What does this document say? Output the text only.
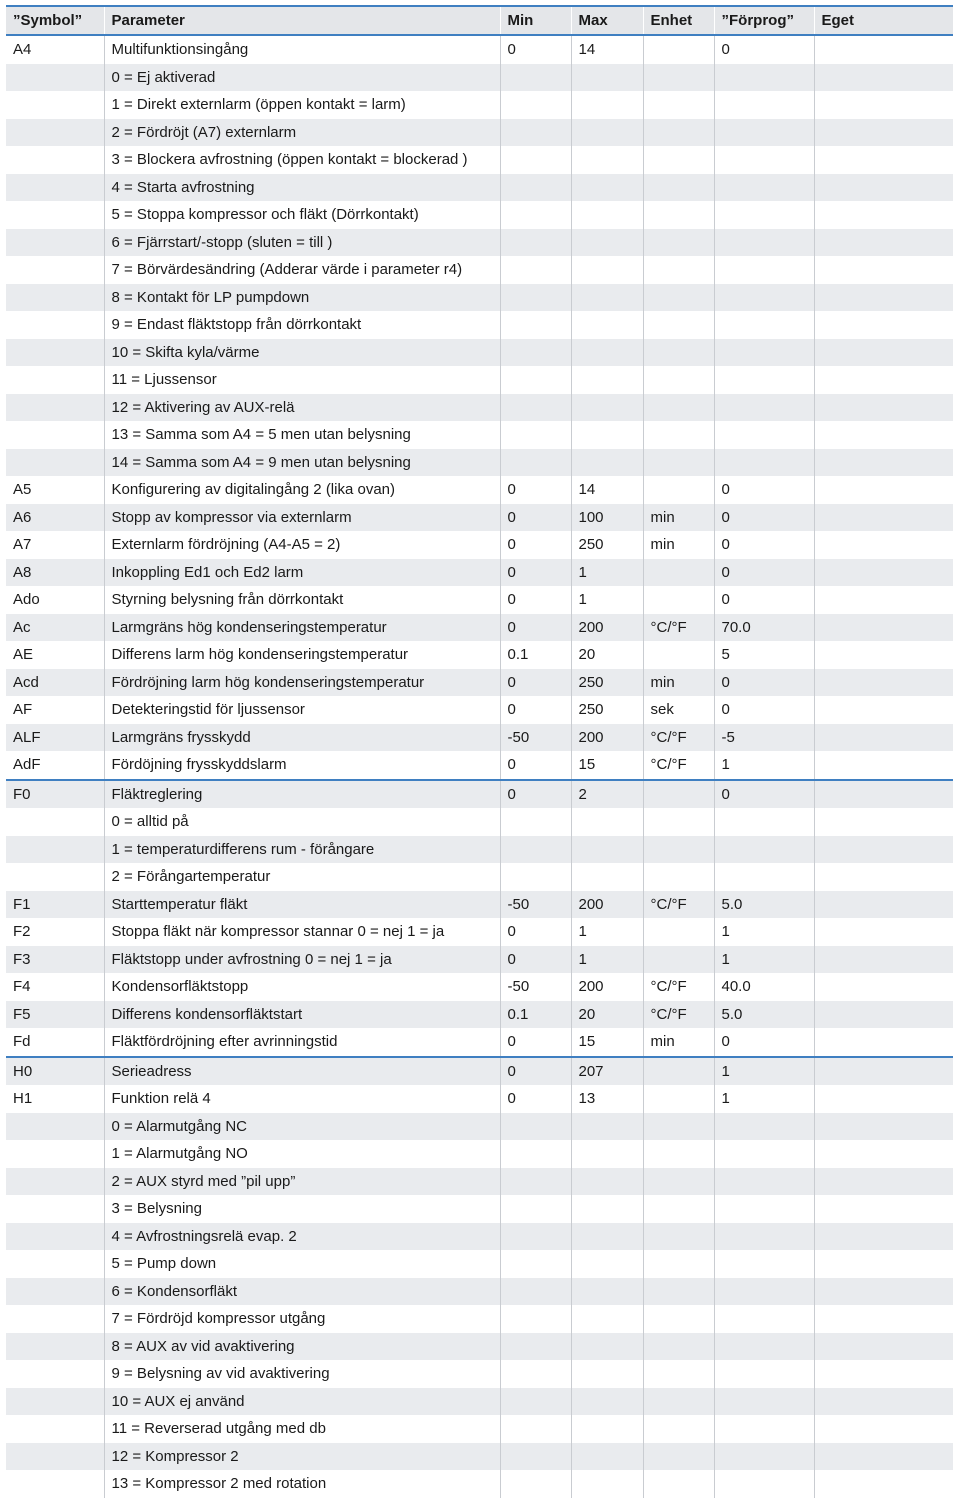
”Symbol”	Parameter	Min	Max	Enhet	”Förprog”	Eget
A4	Multifunktionsingång	0	14		0	
	0 = Ej aktiverad					
	1 = Direkt externlarm (öppen kontakt = larm)					
	2 = Fördröjt (A7) externlarm					
	3 = Blockera avfrostning (öppen kontakt = blockerad )					
	4 = Starta avfrostning					
	5 = Stoppa kompressor och fläkt (Dörrkontakt)					
	6 = Fjärrstart/-stopp (sluten = till )					
	7 = Börvärdesändring (Adderar värde i parameter r4)					
	8 = Kontakt för LP pumpdown					
	9 = Endast fläktstopp från dörrkontakt					
	10 = Skifta kyla/värme					
	11 = Ljussensor					
	12 = Aktivering av AUX-relä					
	13 = Samma som A4 = 5 men utan belysning					
	14 = Samma som A4 = 9 men utan belysning					
A5	Konfigurering av digitalingång 2 (lika ovan)	0	14		0	
A6	Stopp av kompressor via externlarm	0	100	min	0	
A7	Externlarm fördröjning (A4-A5 = 2)	0	250	min	0	
A8	Inkoppling Ed1 och Ed2 larm	0	1		0	
Ado	Styrning belysning från dörrkontakt	0	1		0	
Ac	Larmgräns hög kondenseringstemperatur	0	200	°C/°F	70.0	
AE	Differens larm hög kondenseringstemperatur	0.1	20		5	
Acd	Fördröjning larm hög kondenseringstemperatur	0	250	min	0	
AF	Detekteringstid för ljussensor	0	250	sek	0	
ALF	Larmgräns frysskydd	-50	200	°C/°F	-5	
AdF	Fördöjning frysskyddslarm	0	15	°C/°F	1	
F0	Fläktreglering	0	2		0	
	0 = alltid på					
	1 = temperaturdifferens rum - förångare					
	2 = Förångartemperatur					
F1	Starttemperatur fläkt	-50	200	°C/°F	5.0	
F2	Stoppa fläkt när kompressor stannar 0 = nej 1 = ja	0	1		1	
F3	Fläktstopp under avfrostning 0 = nej 1 = ja	0	1		1	
F4	Kondensorfläktstopp	-50	200	°C/°F	40.0	
F5	Differens kondensorfläktstart	0.1	20	°C/°F	5.0	
Fd	Fläktfördröjning efter avrinningstid	0	15	min	0	
H0	Serieadress	0	207		1	
H1	Funktion relä 4	0	13		1	
	0 = Alarmutgång NC					
	1 = Alarmutgång NO					
	2 = AUX styrd med ”pil upp”					
	3 = Belysning					
	4 = Avfrostningsrelä evap. 2					
	5 = Pump down					
	6 = Kondensorfläkt					
	7 = Fördröjd kompressor utgång					
	8 = AUX av vid avaktivering					
	9 = Belysning av vid avaktivering					
	10 = AUX ej använd					
	11 = Reverserad utgång med db					
	12 = Kompressor 2					
	13 = Kompressor 2 med rotation					
